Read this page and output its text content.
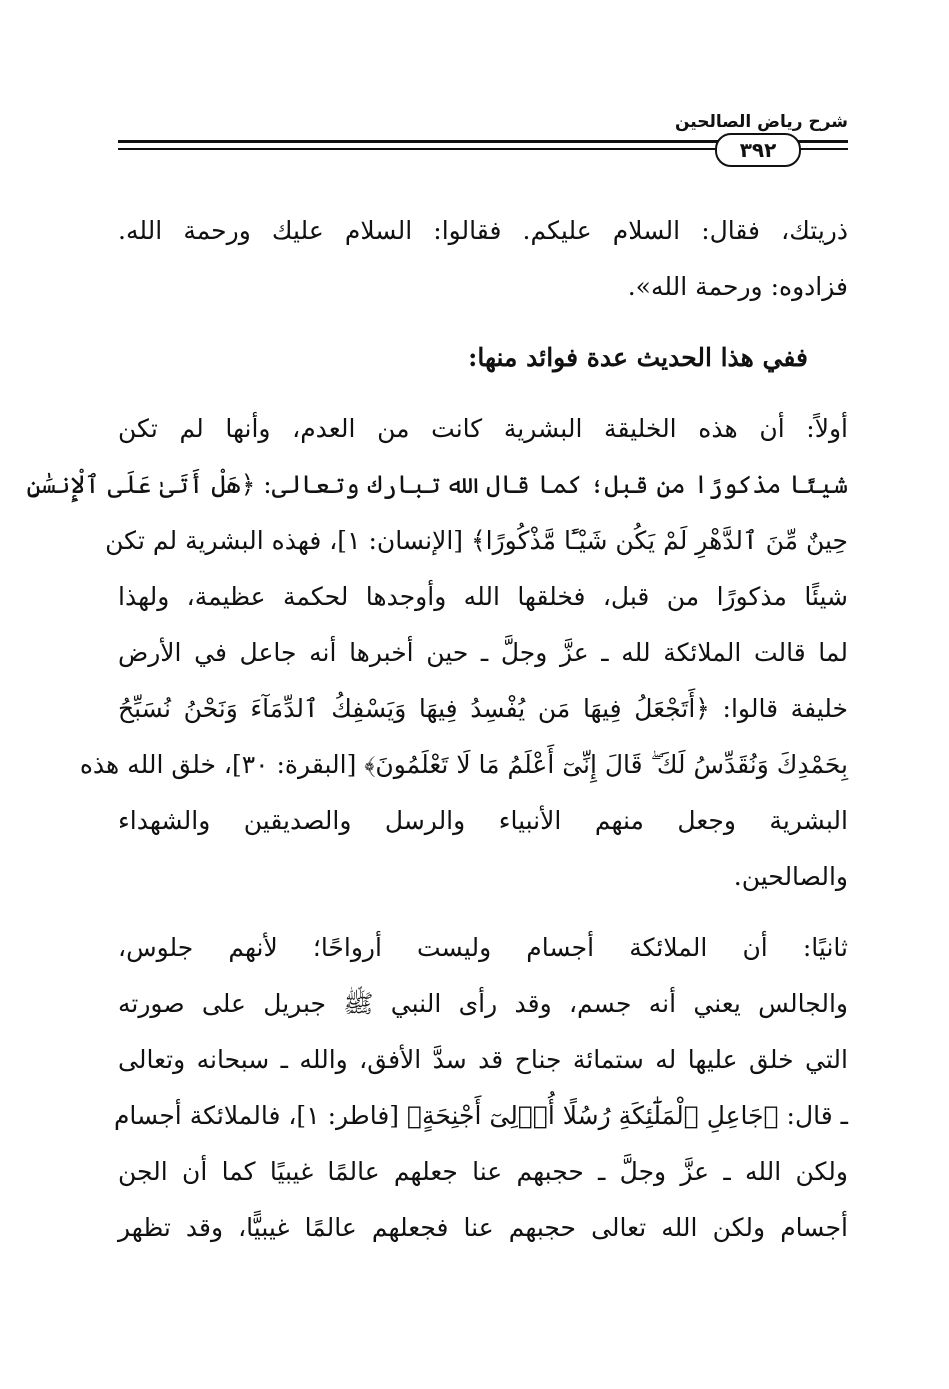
شرح رياض الصالحين
٣٩٢
ذريتك، فقال: السلام عليكم. فقالوا: السلام عليك ورحمة الله.
فزادوه: ورحمة الله».
ففي هذا الحديث عدة فوائد منها:
أولاً: أن هذه الخليقة البشرية كانت من العدم، وأنها لم تكن
شيئًا مذكورًا من قبل؛ كما قال الله تبارك وتعالى: ﴿هَلْ أَتَىٰ عَلَى ٱلْإِنسَٰنِ
حِينٌ مِّنَ ٱلدَّهْرِ لَمْ يَكُن شَيْـًٔا مَّذْكُورًا﴾ [الإنسان: ١]، فهذه البشرية لم تكن
شيئًا مذكورًا من قبل، فخلقها الله وأوجدها لحكمة عظيمة، ولهذا
لما قالت الملائكة لله ـ عزَّ وجلَّ ـ حين أخبرها أنه جاعل في الأرض
خليفة قالوا: ﴿أَتَجْعَلُ فِيهَا مَن يُفْسِدُ فِيهَا وَيَسْفِكُ ٱلدِّمَآءَ وَنَحْنُ نُسَبِّحُ
بِحَمْدِكَ وَنُقَدِّسُ لَكَ ۖ قَالَ إِنِّىٓ أَعْلَمُ مَا لَا تَعْلَمُونَ﴾ [البقرة: ٣٠]، خلق الله هذه
البشرية وجعل منهم الأنبياء والرسل والصديقين والشهداء
والصالحين.
ثانيًا: أن الملائكة أجسام وليست أرواحًا؛ لأنهم جلوس،
والجالس يعني أنه جسم، وقد رأى النبي ﷺ جبريل على صورته
التي خلق عليها له ستمائة جناح قد سدَّ الأفق، والله ـ سبحانه وتعالى
ـ قال: ﴿جَاعِلِ ٱلْمَلَٰٓئِكَةِ رُسُلًا أُو۟لِىٓ أَجْنِحَةٍ﴾ [فاطر: ١]، فالملائكة أجسام
ولكن الله ـ عزَّ وجلَّ ـ حجبهم عنا جعلهم عالمًا غيبيًا كما أن الجن
أجسام ولكن الله تعالى حجبهم عنا فجعلهم عالمًا غيبيًّا، وقد تظهر
